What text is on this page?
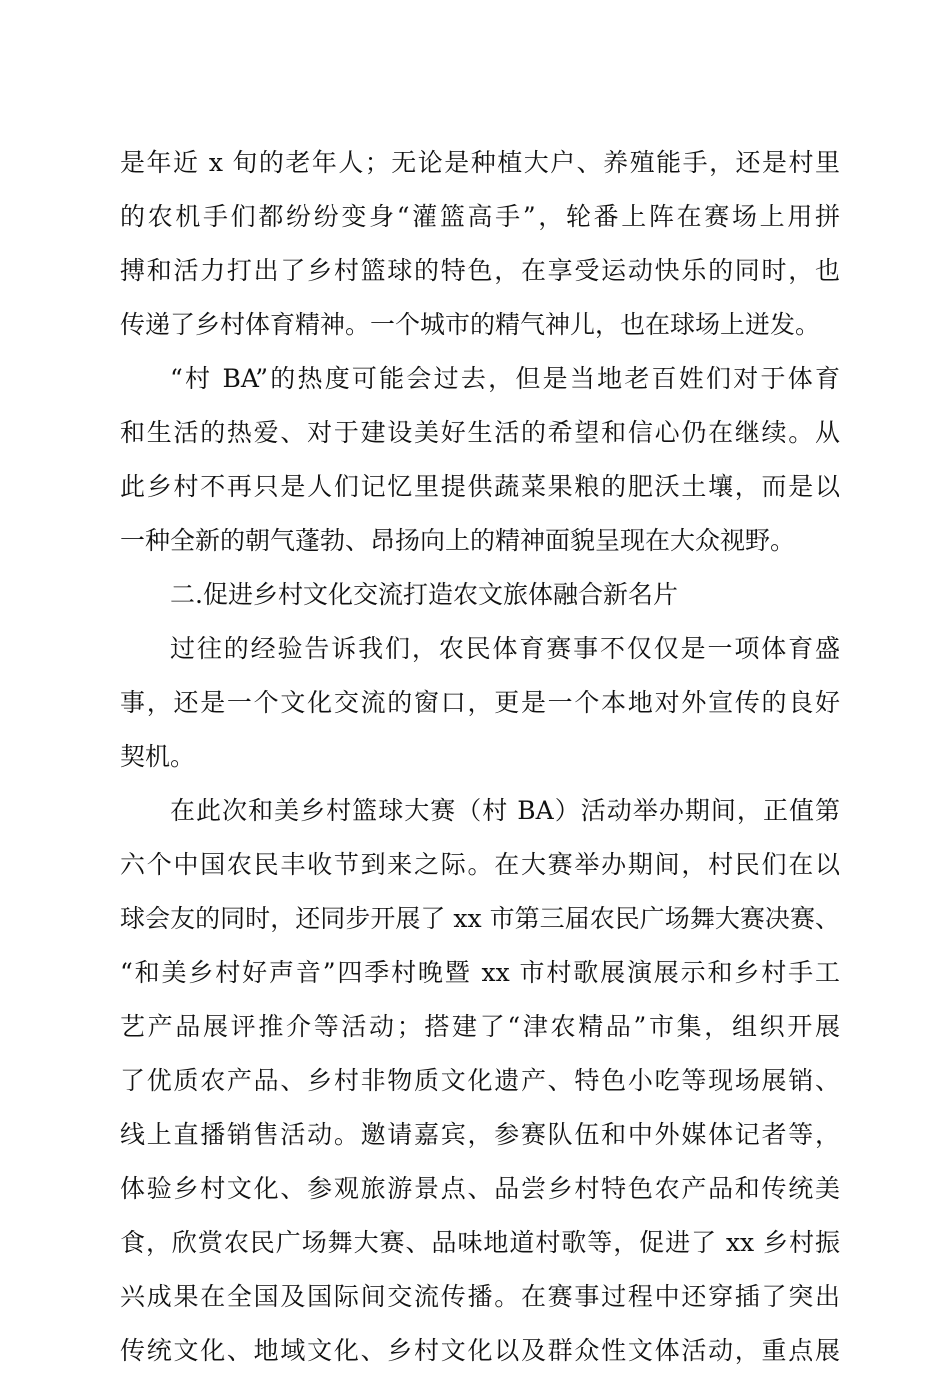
是年近 x 旬的老年人；无论是种植大户、养殖能手，还是村里
的农机手们都纷纷变身“灌篮高手”，轮番上阵在赛场上用拼
搏和活力打出了乡村篮球的特色，在享受运动快乐的同时，也
传递了乡村体育精神。一个城市的精气神儿，也在球场上迸发。
“村 BA”的热度可能会过去，但是当地老百姓们对于体育
和生活的热爱、对于建设美好生活的希望和信心仍在继续。从
此乡村不再只是人们记忆里提供蔬菜果粮的肥沃土壤，而是以
一种全新的朝气蓬勃、昂扬向上的精神面貌呈现在大众视野。
二.促进乡村文化交流打造农文旅体融合新名片
过往的经验告诉我们，农民体育赛事不仅仅是一项体育盛
事，还是一个文化交流的窗口，更是一个本地对外宣传的良好
契机。
在此次和美乡村篮球大赛（村 BA）活动举办期间，正值第
六个中国农民丰收节到来之际。在大赛举办期间，村民们在以
球会友的同时，还同步开展了 xx 市第三届农民广场舞大赛决赛、
“和美乡村好声音”四季村晚暨 xx 市村歌展演展示和乡村手工
艺产品展评推介等活动；搭建了“津农精品”市集，组织开展
了优质农产品、乡村非物质文化遗产、特色小吃等现场展销、
线上直播销售活动。邀请嘉宾，参赛队伍和中外媒体记者等，
体验乡村文化、参观旅游景点、品尝乡村特色农产品和传统美
食，欣赏农民广场舞大赛、品味地道村歌等，促进了 xx 乡村振
兴成果在全国及国际间交流传播。在赛事过程中还穿插了突出
传统文化、地域文化、乡村文化以及群众性文体活动，重点展
